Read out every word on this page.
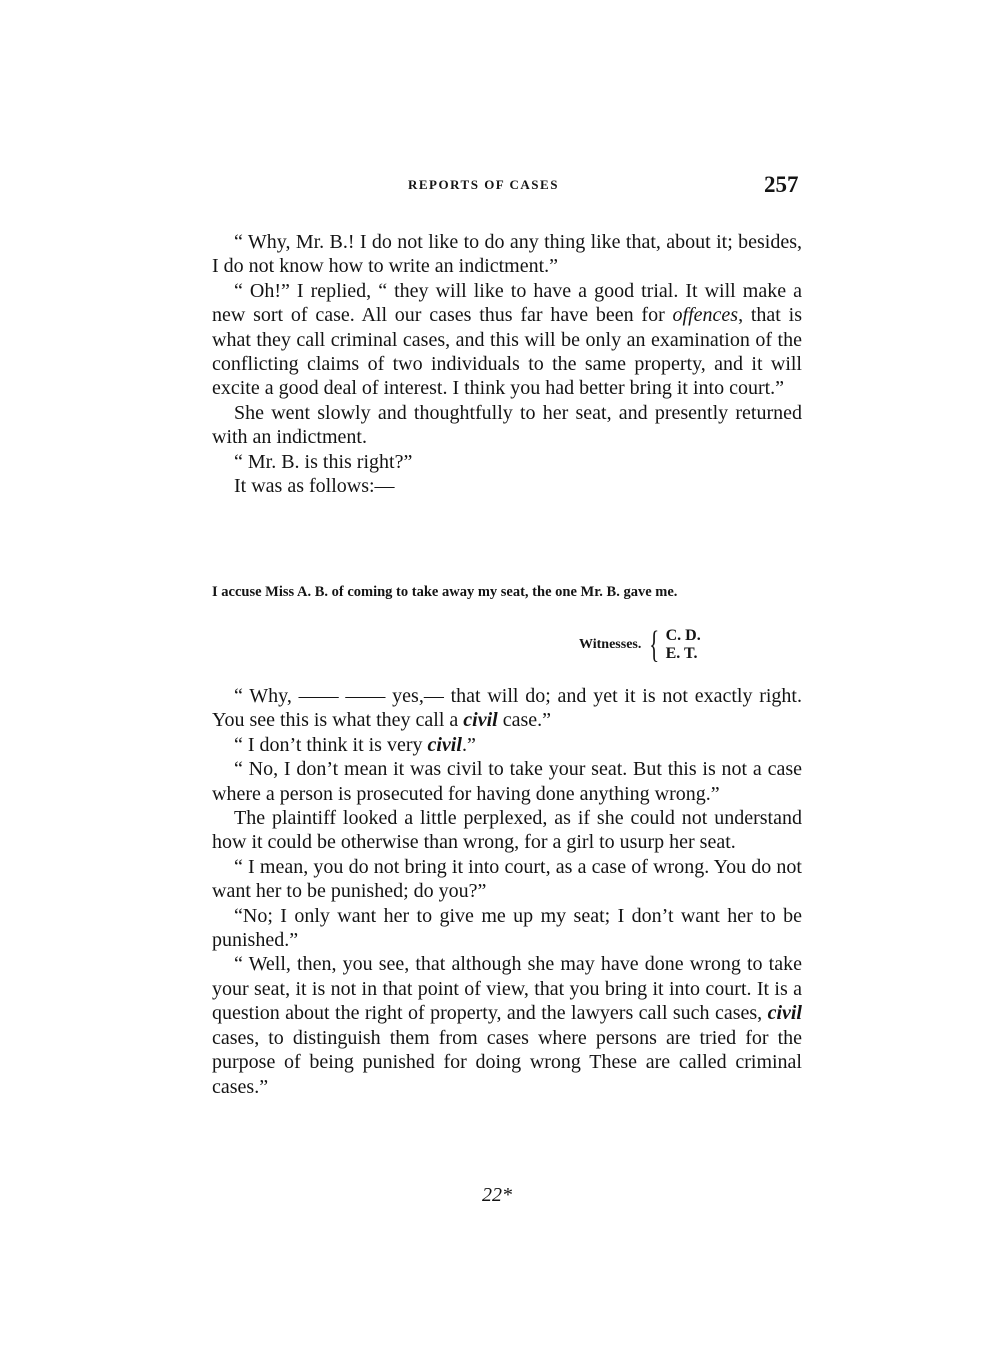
REPORTS OF CASES	257

“ Why, Mr. B.! I do not like to do any thing like that, about it; besides, I do not know how to write an indictment.”

“ Oh!” I replied, “ they will like to have a good trial. It will make a new sort of case. All our cases thus far have been for offences, that is what they call criminal cases, and this will be only an examination of the conflicting claims of two individuals to the same property, and it will excite a good deal of interest. I think you had better bring it into court.”

She went slowly and thoughtfully to her seat, and presently returned with an indictment.

“ Mr. B. is this right?”

It was as follows:—

I accuse Miss A. B. of coming to take away my seat, the one Mr. B. gave me.
Witnesses. { C. D.
E. T.

“ Why, —— —— yes,— that will do; and yet it is not exactly right. You see this is what they call a civil case.”

“ I don’t think it is very civil.”

“ No, I don’t mean it was civil to take your seat. But this is not a case where a person is prosecuted for having done anything wrong.”

The plaintiff looked a little perplexed, as if she could not understand how it could be otherwise than wrong, for a girl to usurp her seat.

“ I mean, you do not bring it into court, as a case of wrong. You do not want her to be punished; do you?”

“No; I only want her to give me up my seat; I don’t want her to be punished.”

“ Well, then, you see, that although she may have done wrong to take your seat, it is not in that point of view, that you bring it into court. It is a question about the right of property, and the lawyers call such cases, civil cases, to distinguish them from cases where persons are tried for the purpose of being punished for doing wrong These are called criminal cases.”

22*
